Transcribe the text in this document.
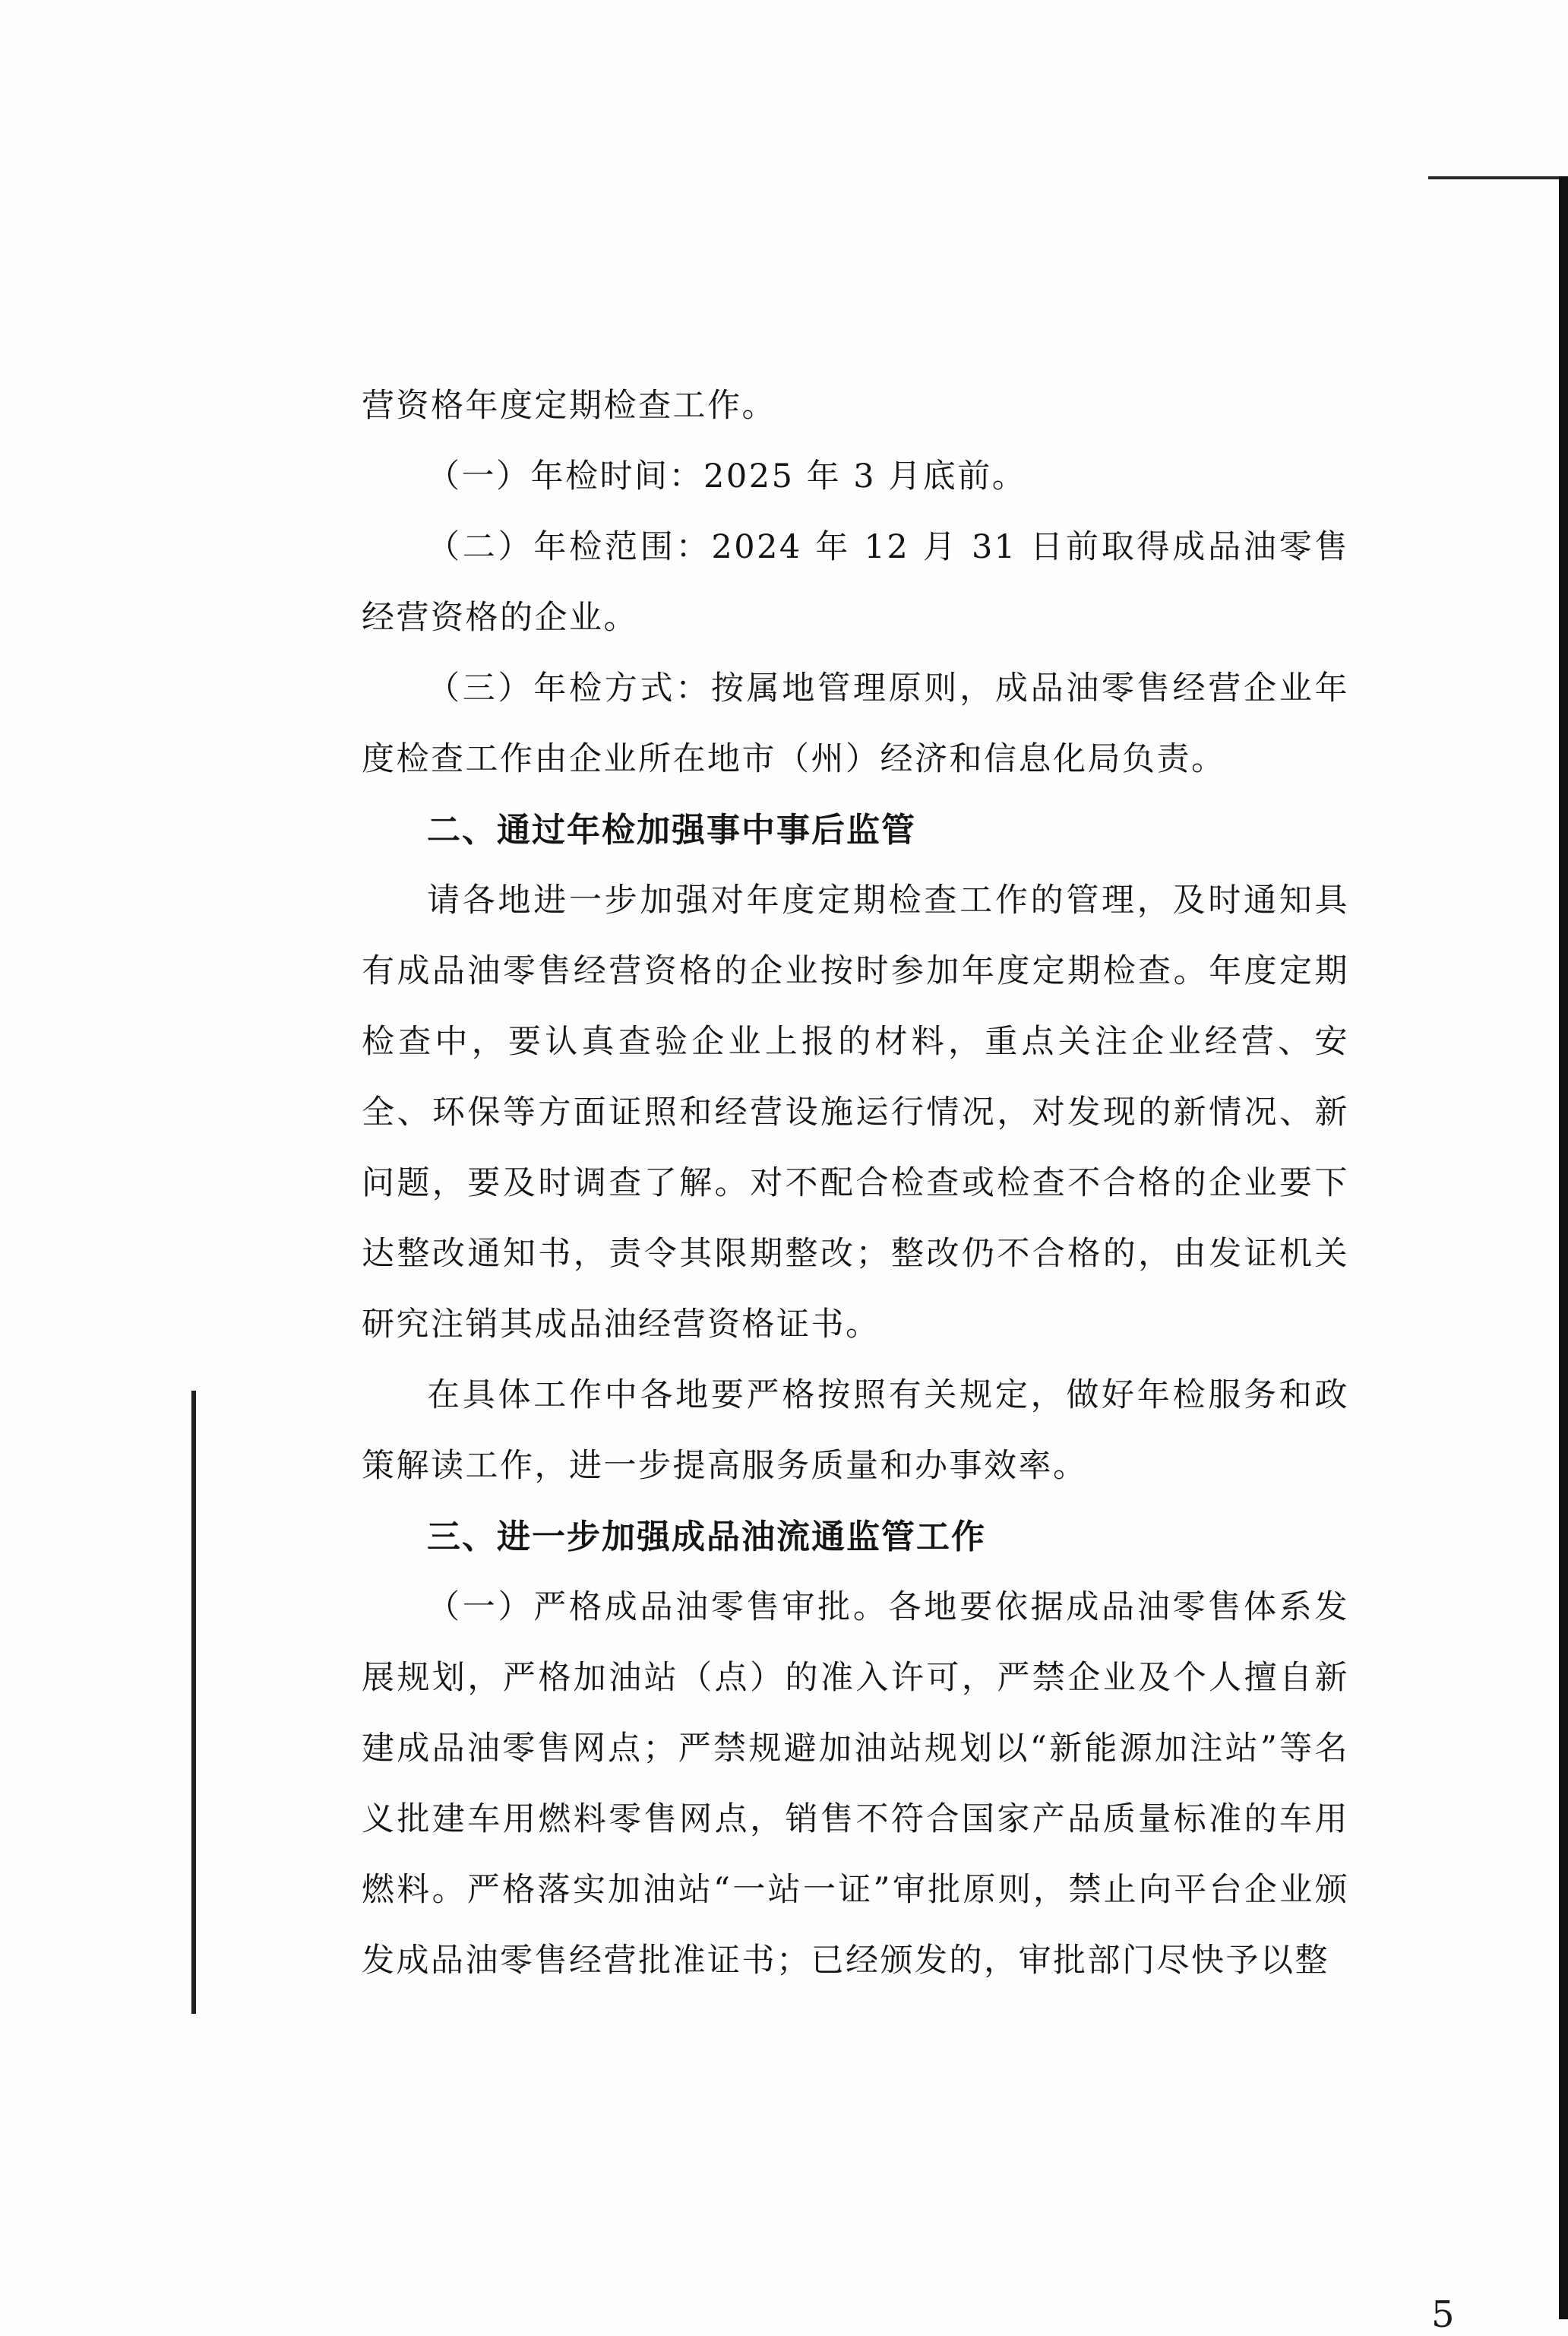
营资格年度定期检查工作。

（一）年检时间：2025 年 3 月底前。

（二）年检范围：2024 年 12 月 31 日前取得成品油零售经营资格的企业。

（三）年检方式：按属地管理原则，成品油零售经营企业年度检查工作由企业所在地市（州）经济和信息化局负责。

二、通过年检加强事中事后监管

请各地进一步加强对年度定期检查工作的管理，及时通知具有成品油零售经营资格的企业按时参加年度定期检查。年度定期检查中，要认真查验企业上报的材料，重点关注企业经营、安全、环保等方面证照和经营设施运行情况，对发现的新情况、新问题，要及时调查了解。对不配合检查或检查不合格的企业要下达整改通知书，责令其限期整改；整改仍不合格的，由发证机关研究注销其成品油经营资格证书。

在具体工作中各地要严格按照有关规定，做好年检服务和政策解读工作，进一步提高服务质量和办事效率。

三、进一步加强成品油流通监管工作

（一）严格成品油零售审批。各地要依据成品油零售体系发展规划，严格加油站（点）的准入许可，严禁企业及个人擅自新建成品油零售网点；严禁规避加油站规划以“新能源加注站”等名义批建车用燃料零售网点，销售不符合国家产品质量标准的车用燃料。严格落实加油站“一站一证”审批原则，禁止向平台企业颁发成品油零售经营批准证书；已经颁发的，审批部门尽快予以整

5
